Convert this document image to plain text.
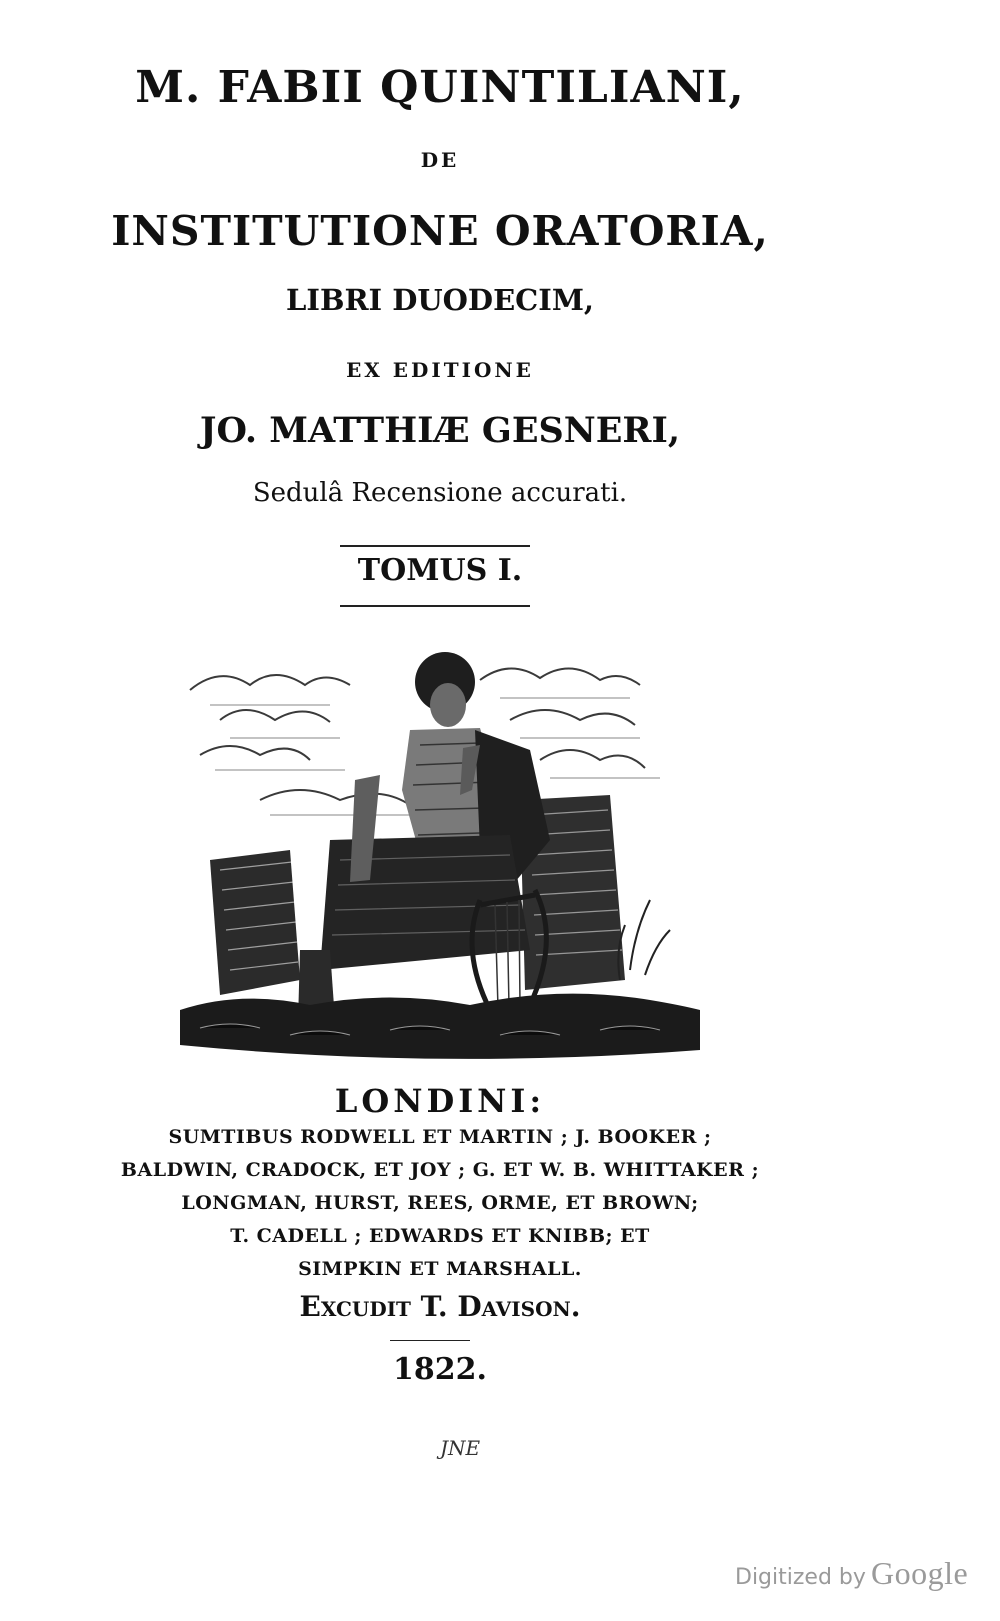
M. FABII QUINTILIANI,
DE
INSTITUTIONE ORATORIA,
LIBRI DUODECIM,
EX EDITIONE
JO. MATTHIÆ GESNERI,
Sedulâ Recensione accurati.
TOMUS I.
LONDINI:
SUMTIBUS RODWELL ET MARTIN ; J. BOOKER ;
BALDWIN, CRADOCK, ET JOY ; G. ET W. B. WHITTAKER ;
LONGMAN, HURST, REES, ORME, ET BROWN;
T. CADELL ; EDWARDS ET KNIBB; ET
SIMPKIN ET MARSHALL.
Excudit T. Davison.
1822.
JNE
Digitized by Google
